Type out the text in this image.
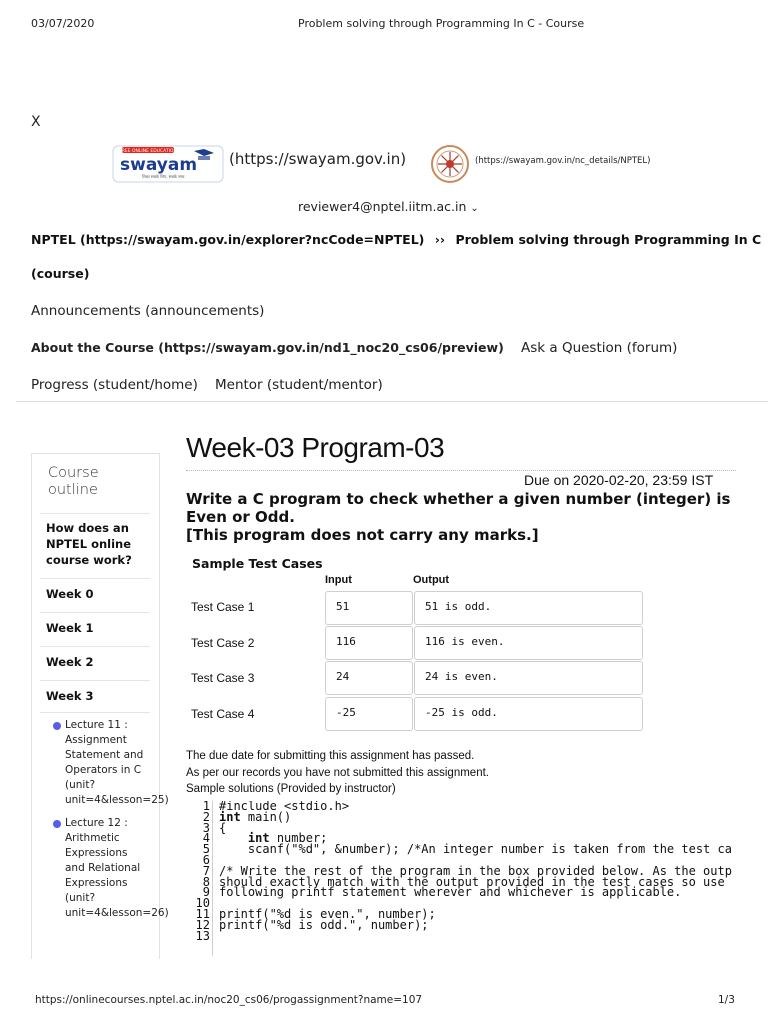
03/07/2020	Problem solving through Programming In C - Course
X
FREE ONLINE EDUCATION
swayam
शिक्षा सबके लिए, सबके साथ
(https://swayam.gov.in)	(https://swayam.gov.in/nc_details/NPTEL)
reviewer4@nptel.iitm.ac.in ⌄
NPTEL (https://swayam.gov.in/explorer?ncCode=NPTEL) ›› Problem solving through Programming In C
(course)
Announcements (announcements)
About the Course (https://swayam.gov.in/nd1_noc20_cs06/preview) Ask a Question (forum)
Progress (student/home) Mentor (student/mentor)
Course
outline
How does an
NPTEL online
course work?
Week 0
Week 1
Week 2
Week 3
Lecture 11 :
Assignment
Statement and
Operators in C
(unit?
unit=4&lesson=25)
Lecture 12 :
Arithmetic
Expressions
and Relational
Expressions
(unit?
unit=4&lesson=26)
Week-03 Program-03
Due on 2020-02-20, 23:59 IST
Write a C program to check whether a given number (integer) is
Even or Odd.
[This program does not carry any marks.]
Sample Test Cases
Input	Output
Test Case 1	51	51 is odd.
Test Case 2	116	116 is even.
Test Case 3	24	24 is even.
Test Case 4	-25	-25 is odd.
The due date for submitting this assignment has passed.
As per our records you have not submitted this assignment.
Sample solutions (Provided by instructor)
1
2
3
4
5
6
7
8
9
10
11
12
13
#include <stdio.h>
int main()
{
int number;
scanf("%d", &number); /*An integer number is taken from the test ca

/* Write the rest of the program in the box provided below. As the outp
should exactly match with the output provided in the test cases so use
following printf statement wherever and whichever is applicable.

printf("%d is even.", number);
printf("%d is odd.", number);

https://onlinecourses.nptel.ac.in/noc20_cs06/progassignment?name=107	1/3
